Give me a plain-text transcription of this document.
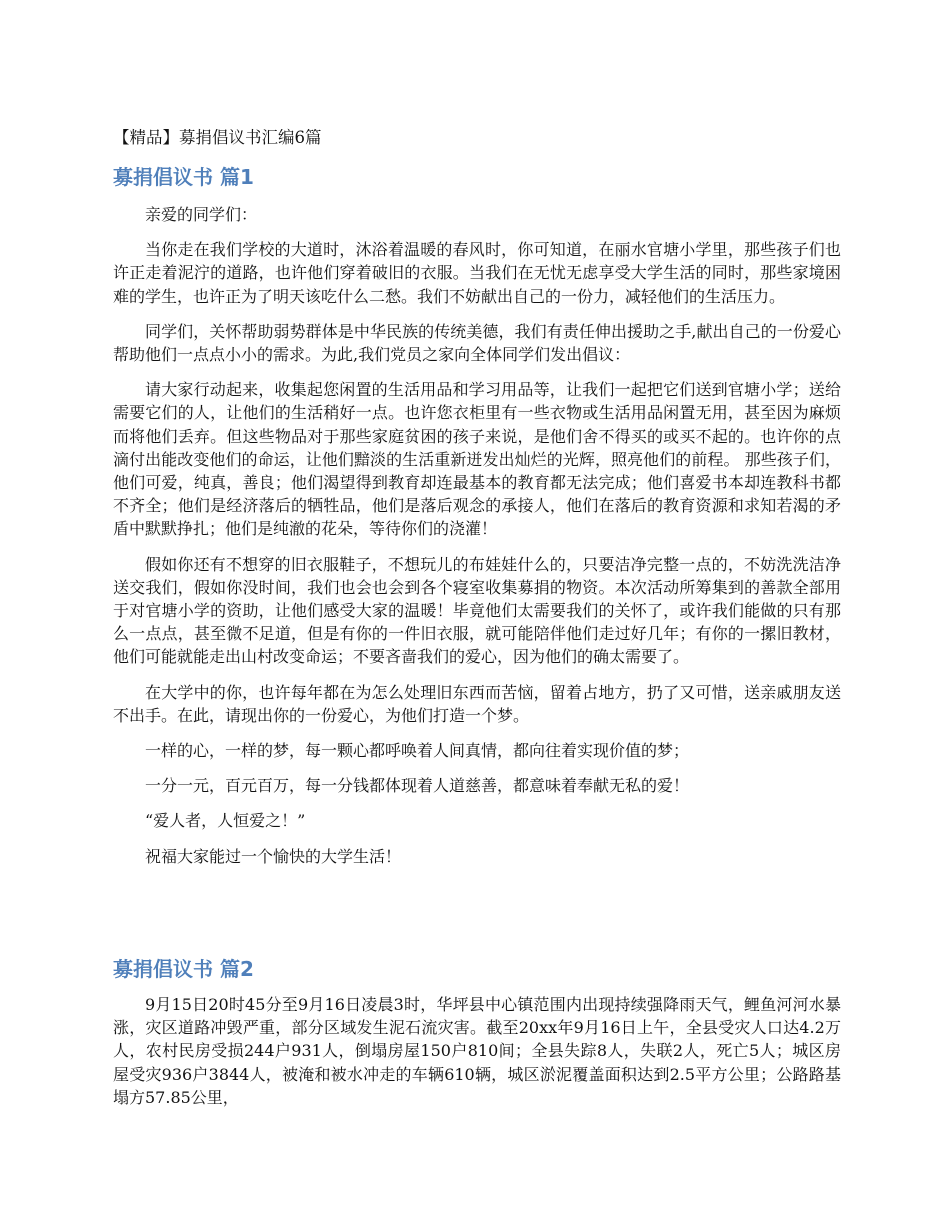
【精品】募捐倡议书汇编6篇
募捐倡议书 篇1

亲爱的同学们：

当你走在我们学校的大道时，沐浴着温暖的春风时，你可知道，在丽水官塘小学里，那些孩子们也许正走着泥泞的道路，也许他们穿着破旧的衣服。当我们在无忧无虑享受大学生活的同时，那些家境困难的学生，也许正为了明天该吃什么二愁。我们不妨献出自己的一份力，减轻他们的生活压力。

同学们，关怀帮助弱势群体是中华民族的传统美德，我们有责任伸出援助之手,献出自己的一份爱心帮助他们一点点小小的需求。为此,我们党员之家向全体同学们发出倡议：

请大家行动起来，收集起您闲置的生活用品和学习用品等，让我们一起把它们送到官塘小学；送给需要它们的人，让他们的生活稍好一点。也许您衣柜里有一些衣物或生活用品闲置无用，甚至因为麻烦而将他们丢弃。但这些物品对于那些家庭贫困的孩子来说，是他们舍不得买的或买不起的。也许你的点滴付出能改变他们的命运，让他们黯淡的生活重新迸发出灿烂的光辉，照亮他们的前程。 那些孩子们，他们可爱，纯真，善良；他们渴望得到教育却连最基本的教育都无法完成；他们喜爱书本却连教科书都不齐全；他们是经济落后的牺牲品，他们是落后观念的承接人，他们在落后的教育资源和求知若渴的矛盾中默默挣扎；他们是纯澈的花朵，等待你们的浇灌！

假如你还有不想穿的旧衣服鞋子，不想玩儿的布娃娃什么的，只要洁净完整一点的，不妨洗洗洁净送交我们，假如你没时间，我们也会也会到各个寝室收集募捐的物资。本次活动所筹集到的善款全部用于对官塘小学的资助，让他们感受大家的温暖！毕竟他们太需要我们的关怀了，或许我们能做的只有那么一点点，甚至微不足道，但是有你的一件旧衣服，就可能陪伴他们走过好几年；有你的一摞旧教材，他们可能就能走出山村改变命运；不要吝啬我们的爱心，因为他们的确太需要了。

在大学中的你，也许每年都在为怎么处理旧东西而苦恼，留着占地方，扔了又可惜，送亲戚朋友送不出手。在此，请现出你的一份爱心，为他们打造一个梦。

一样的心，一样的梦，每一颗心都呼唤着人间真情，都向往着实现价值的梦；

一分一元，百元百万，每一分钱都体现着人道慈善，都意味着奉献无私的爱！

“爱人者，人恒爱之！”

祝福大家能过一个愉快的大学生活！

募捐倡议书 篇2

9月15日20时45分至9月16日凌晨3时，华坪县中心镇范围内出现持续强降雨天气，鲤鱼河河水暴涨，灾区道路冲毁严重，部分区域发生泥石流灾害。截至20xx年9月16日上午，全县受灾人口达4.2万人，农村民房受损244户931人，倒塌房屋150户810间；全县失踪8人，失联2人，死亡5人；城区房屋受灾936户3844人，被淹和被水冲走的车辆610辆，城区淤泥覆盖面积达到2.5平方公里；公路路基塌方57.85公里，
